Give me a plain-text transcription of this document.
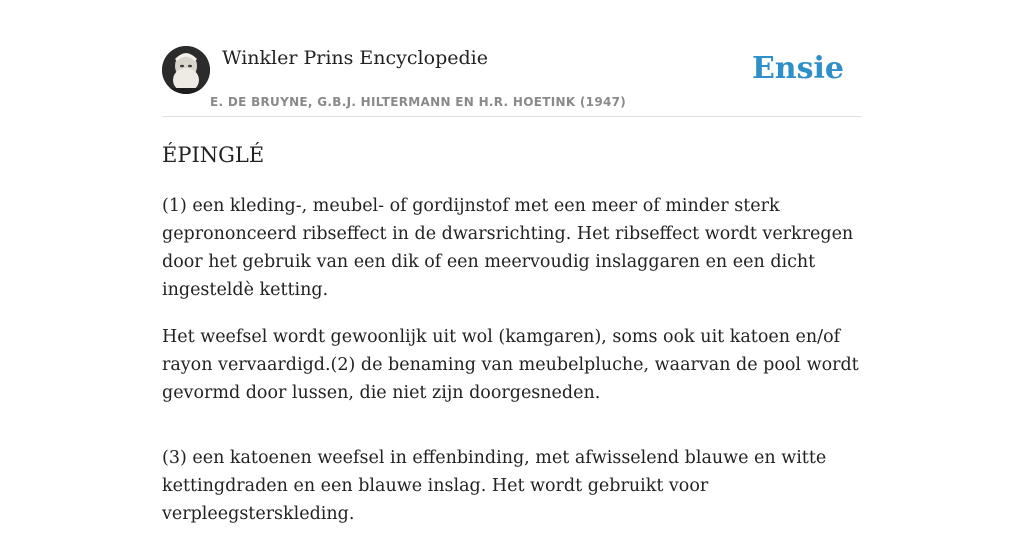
Winkler Prins Encyclopedie
E. DE BRUYNE, G.B.J. HILTERMANN EN H.R. HOETINK (1947)
Ensie
ÉPINGLÉ

(1) een kleding-, meubel- of gordijnstof met een meer of minder sterk geprononceerd ribseffect in de dwarsrichting. Het ribseffect wordt verkregen door het gebruik van een dik of een meervoudig inslaggaren en een dicht ingesteldè ketting.

Het weefsel wordt gewoonlijk uit wol (kamgaren), soms ook uit katoen en/of rayon vervaardigd.(2) de benaming van meubelpluche, waarvan de pool wordt gevormd door lussen, die niet zijn doorgesneden.

(3) een katoenen weefsel in effenbinding, met afwisselend blauwe en witte kettingdraden en een blauwe inslag. Het wordt gebruikt voor verpleegsterskleding.
